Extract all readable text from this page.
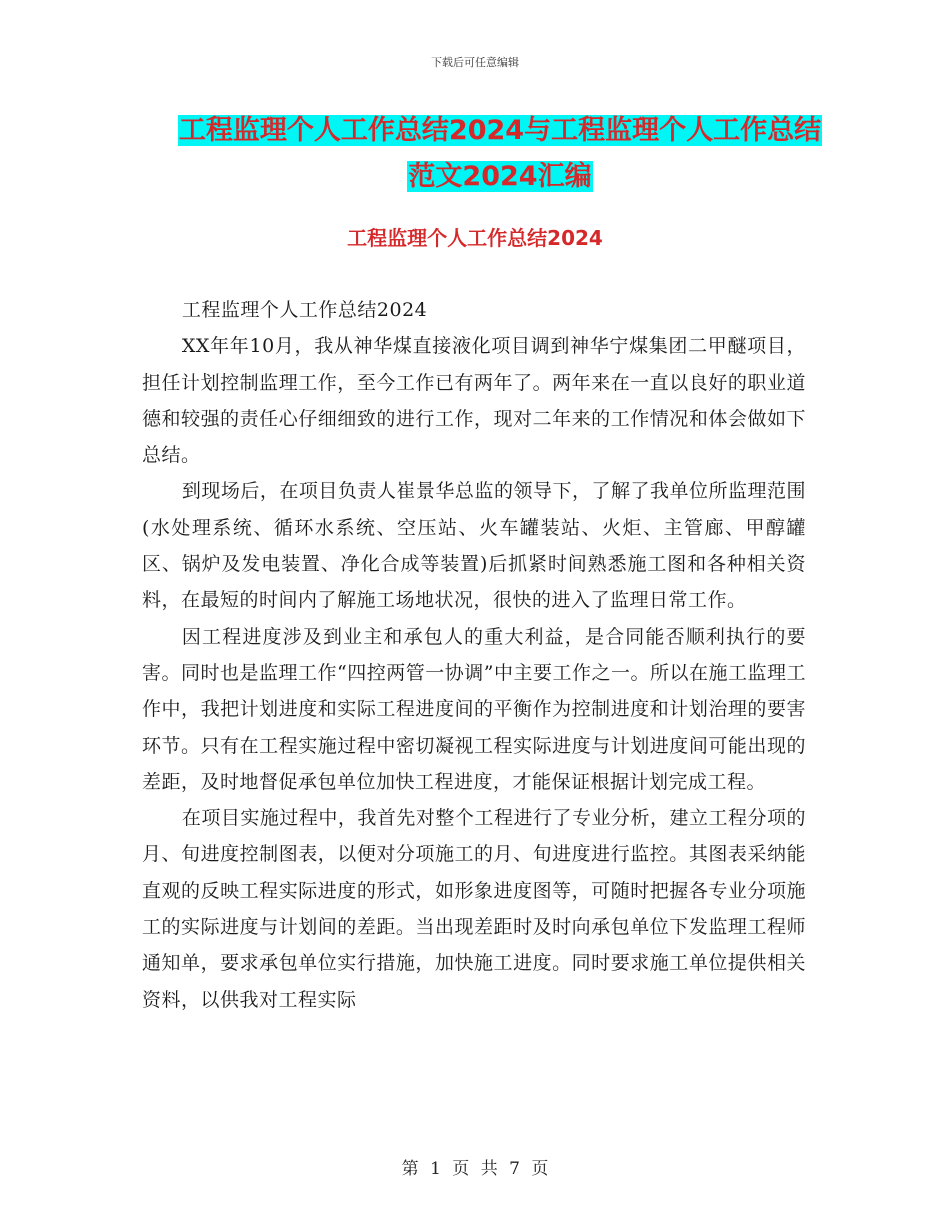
下载后可任意编辑
工程监理个人工作总结2024与工程监理个人工作总结
范文2024汇编
工程监理个人工作总结2024

工程监理个人工作总结2024

XX年年10月，我从神华煤直接液化项目调到神华宁煤集团二甲醚项目，担任计划控制监理工作，至今工作已有两年了。两年来在一直以良好的职业道德和较强的责任心仔细细致的进行工作，现对二年来的工作情况和体会做如下总结。

到现场后，在项目负责人崔景华总监的领导下，了解了我单位所监理范围(水处理系统、循环水系统、空压站、火车罐装站、火炬、主管廊、甲醇罐区、锅炉及发电装置、净化合成等装置)后抓紧时间熟悉施工图和各种相关资料，在最短的时间内了解施工场地状况，很快的进入了监理日常工作。

因工程进度涉及到业主和承包人的重大利益，是合同能否顺利执行的要害。同时也是监理工作“四控两管一协调”中主要工作之一。所以在施工监理工作中，我把计划进度和实际工程进度间的平衡作为控制进度和计划治理的要害环节。只有在工程实施过程中密切凝视工程实际进度与计划进度间可能出现的差距，及时地督促承包单位加快工程进度，才能保证根据计划完成工程。

在项目实施过程中，我首先对整个工程进行了专业分析，建立工程分项的月、旬进度控制图表，以便对分项施工的月、旬进度进行监控。其图表采纳能直观的反映工程实际进度的形式，如形象进度图等，可随时把握各专业分项施工的实际进度与计划间的差距。当出现差距时及时向承包单位下发监理工程师通知单，要求承包单位实行措施，加快施工进度。同时要求施工单位提供相关资料，以供我对工程实际

第 1 页 共 7 页
